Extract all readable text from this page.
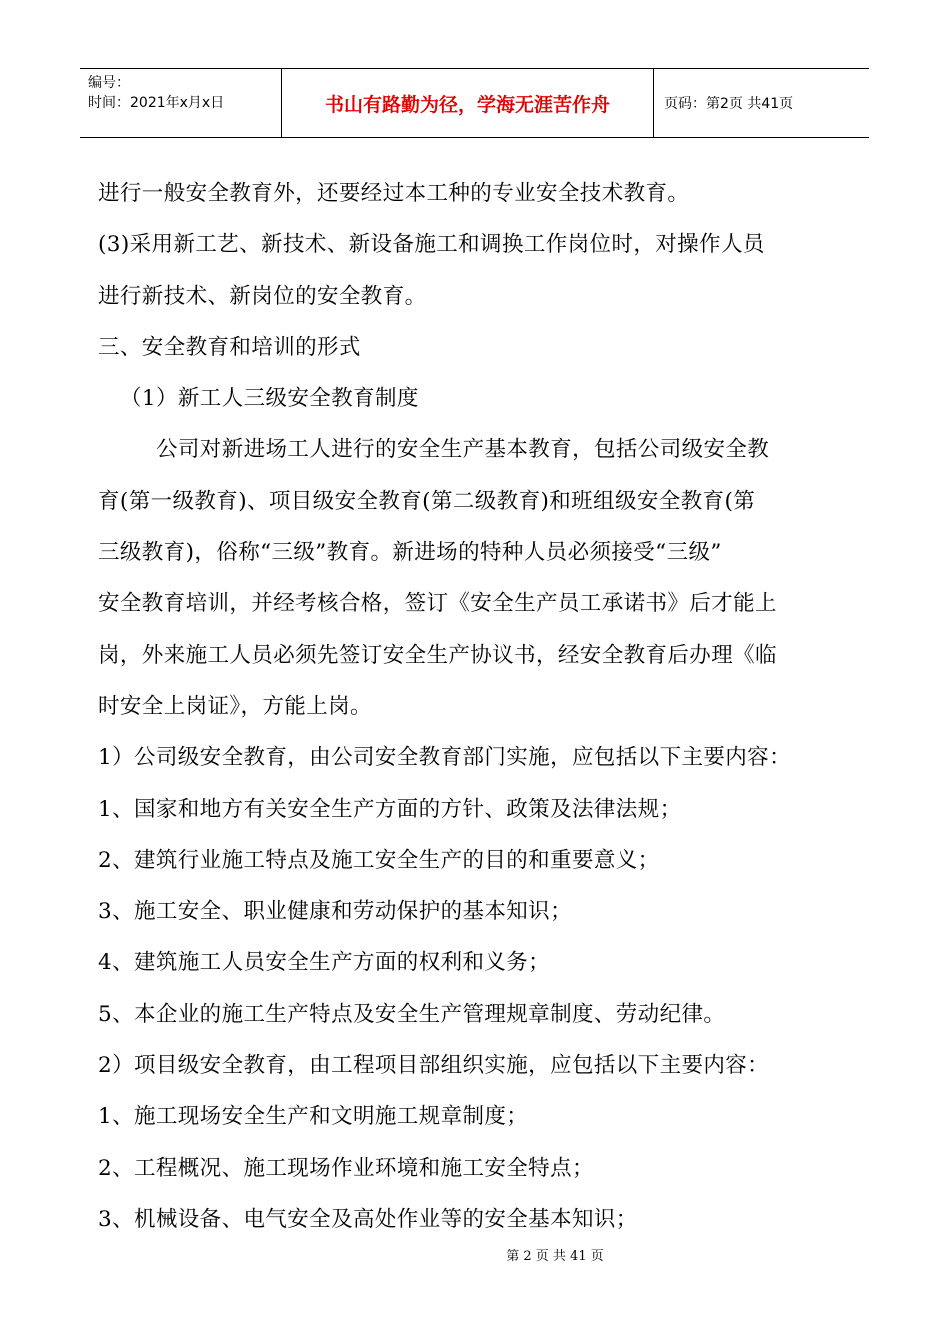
编号：
时间：2021年x月x日	书山有路勤为径，学海无涯苦作舟	页码：第2页 共41页
进行一般安全教育外，还要经过本工种的专业安全技术教育。
(3)采用新工艺、新技术、新设备施工和调换工作岗位时，对操作人员
进行新技术、新岗位的安全教育。
三、安全教育和培训的形式
（1）新工人三级安全教育制度
公司对新进场工人进行的安全生产基本教育，包括公司级安全教
育(第一级教育)、项目级安全教育(第二级教育)和班组级安全教育(第
三级教育)，俗称“三级”教育。新进场的特种人员必须接受“三级”
安全教育培训，并经考核合格，签订《安全生产员工承诺书》后才能上
岗，外来施工人员必须先签订安全生产协议书，经安全教育后办理《临
时安全上岗证》，方能上岗。
1）公司级安全教育，由公司安全教育部门实施，应包括以下主要内容：
1、国家和地方有关安全生产方面的方针、政策及法律法规；
2、建筑行业施工特点及施工安全生产的目的和重要意义；
3、施工安全、职业健康和劳动保护的基本知识；
4、建筑施工人员安全生产方面的权利和义务；
5、本企业的施工生产特点及安全生产管理规章制度、劳动纪律。
2）项目级安全教育，由工程项目部组织实施，应包括以下主要内容：
1、施工现场安全生产和文明施工规章制度；
2、工程概况、施工现场作业环境和施工安全特点；
3、机械设备、电气安全及高处作业等的安全基本知识；
第 2 页 共 41 页
